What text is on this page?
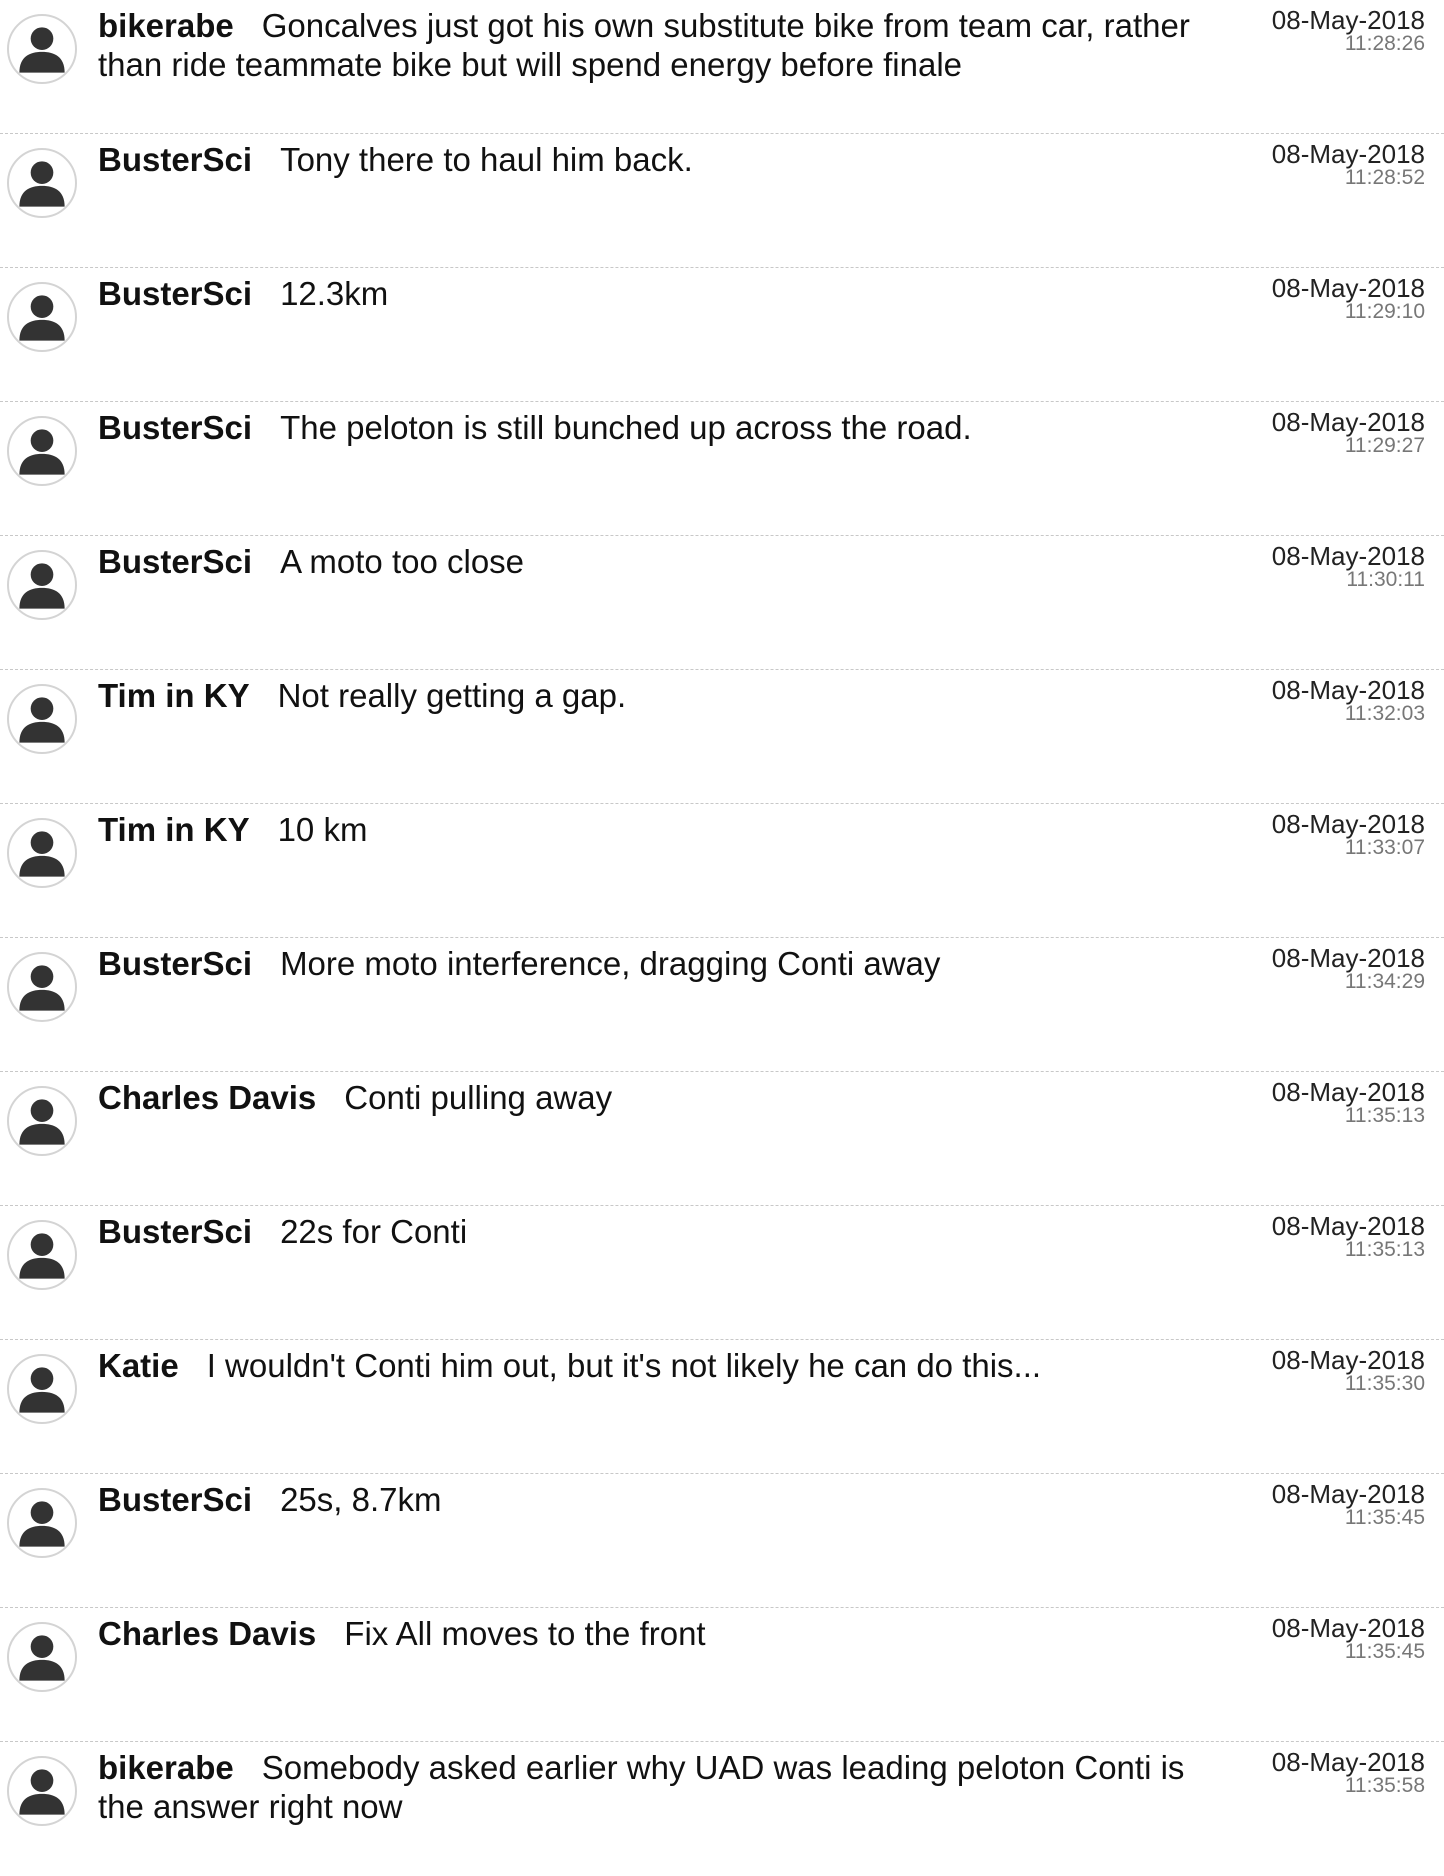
bikerabe Goncalves just got his own substitute bike from team car, rather than ride teammate bike but will spend energy before finale
08-May-2018
11:28:26
BusterSci Tony there to haul him back.	08-May-2018
11:28:52
BusterSci 12.3km	08-May-2018
11:29:10
BusterSci The peloton is still bunched up across the road.	08-May-2018
11:29:27
BusterSci A moto too close	08-May-2018
11:30:11
Tim in KY Not really getting a gap.	08-May-2018
11:32:03
Tim in KY 10 km	08-May-2018
11:33:07
BusterSci More moto interference, dragging Conti away	08-May-2018
11:34:29
Charles Davis Conti pulling away	08-May-2018
11:35:13
BusterSci 22s for Conti	08-May-2018
11:35:13
Katie I wouldn't Conti him out, but it's not likely he can do this...	08-May-2018
11:35:30
BusterSci 25s, 8.7km	08-May-2018
11:35:45
Charles Davis Fix All moves to the front	08-May-2018
11:35:45
bikerabe Somebody asked earlier why UAD was leading peloton Conti is the answer right now
08-May-2018
11:35:58
